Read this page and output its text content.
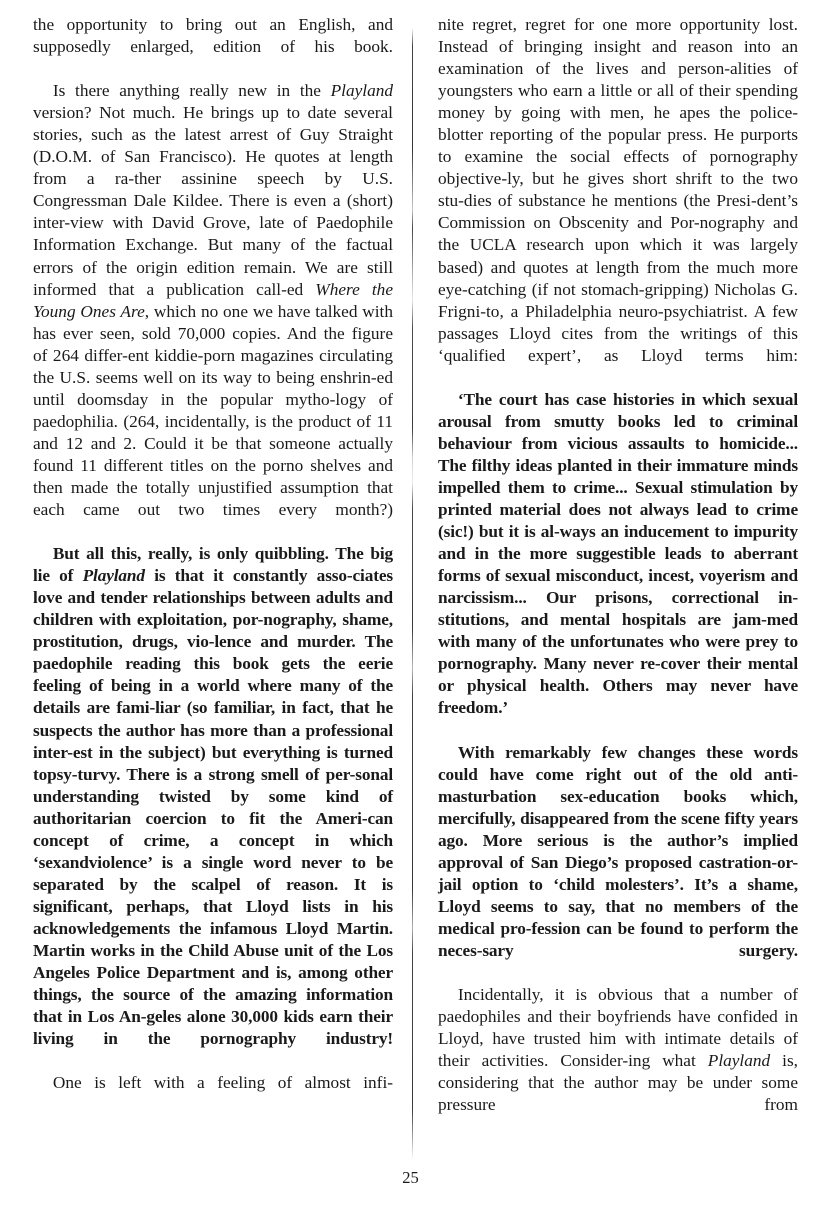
the opportunity to bring out an English, and supposedly enlarged, edition of his book.

Is there anything really new in the Playland version? Not much. He brings up to date several stories, such as the latest arrest of Guy Straight (D.O.M. of San Francisco). He quotes at length from a ra-ther assinine speech by U.S. Congressman Dale Kildee. There is even a (short) inter-view with David Grove, late of Paedophile Information Exchange. But many of the factual errors of the origin edition remain. We are still informed that a publication call-ed Where the Young Ones Are, which no one we have talked with has ever seen, sold 70,000 copies. And the figure of 264 differ-ent kiddie-porn magazines circulating the U.S. seems well on its way to being enshrin-ed until doomsday in the popular mytho-logy of paedophilia. (264, incidentally, is the product of 11 and 12 and 2. Could it be that someone actually found 11 different titles on the porno shelves and then made the totally unjustified assumption that each came out two times every month?)

But all this, really, is only quibbling. The big lie of Playland is that it constantly asso-ciates love and tender relationships between adults and children with exploitation, por-nography, shame, prostitution, drugs, vio-lence and murder. The paedophile reading this book gets the eerie feeling of being in a world where many of the details are fami-liar (so familiar, in fact, that he suspects the author has more than a professional inter-est in the subject) but everything is turned topsy-turvy. There is a strong smell of per-sonal understanding twisted by some kind of authoritarian coercion to fit the Ameri-can concept of crime, a concept in which ‘sexandviolence’ is a single word never to be separated by the scalpel of reason. It is significant, perhaps, that Lloyd lists in his acknowledgements the infamous Lloyd Martin. Martin works in the Child Abuse unit of the Los Angeles Police Department and is, among other things, the source of the amazing information that in Los An-geles alone 30,000 kids earn their living in the pornography industry!

One is left with a feeling of almost infi-

nite regret, regret for one more opportunity lost. Instead of bringing insight and reason into an examination of the lives and person-alities of youngsters who earn a little or all of their spending money by going with men, he apes the police-blotter reporting of the popular press. He purports to examine the social effects of pornography objective-ly, but he gives short shrift to the two stu-dies of substance he mentions (the Presi-dent’s Commission on Obscenity and Por-nography and the UCLA research upon which it was largely based) and quotes at length from the much more eye-catching (if not stomach-gripping) Nicholas G. Frigni-to, a Philadelphia neuro-psychiatrist. A few passages Lloyd cites from the writings of this ‘qualified expert’, as Lloyd terms him:

‘The court has case histories in which sexual arousal from smutty books led to criminal behaviour from vicious assaults to homicide... The filthy ideas planted in their immature minds impelled them to crime... Sexual stimulation by printed material does not always lead to crime (sic!) but it is al-ways an inducement to impurity and in the more suggestible leads to aberrant forms of sexual misconduct, incest, voyerism and narcissism... Our prisons, correctional in-stitutions, and mental hospitals are jam-med with many of the unfortunates who were prey to pornography. Many never re-cover their mental or physical health. Others may never have freedom.’

With remarkably few changes these words could have come right out of the old anti-masturbation sex-education books which, mercifully, disappeared from the scene fifty years ago. More serious is the author’s implied approval of San Diego’s proposed castration-or-jail option to ‘child molesters’. It’s a shame, Lloyd seems to say, that no members of the medical pro-fession can be found to perform the neces-sary surgery.

Incidentally, it is obvious that a number of paedophiles and their boyfriends have confided in Lloyd, have trusted him with intimate details of their activities. Consider-ing what Playland is, considering that the author may be under some pressure from

25
